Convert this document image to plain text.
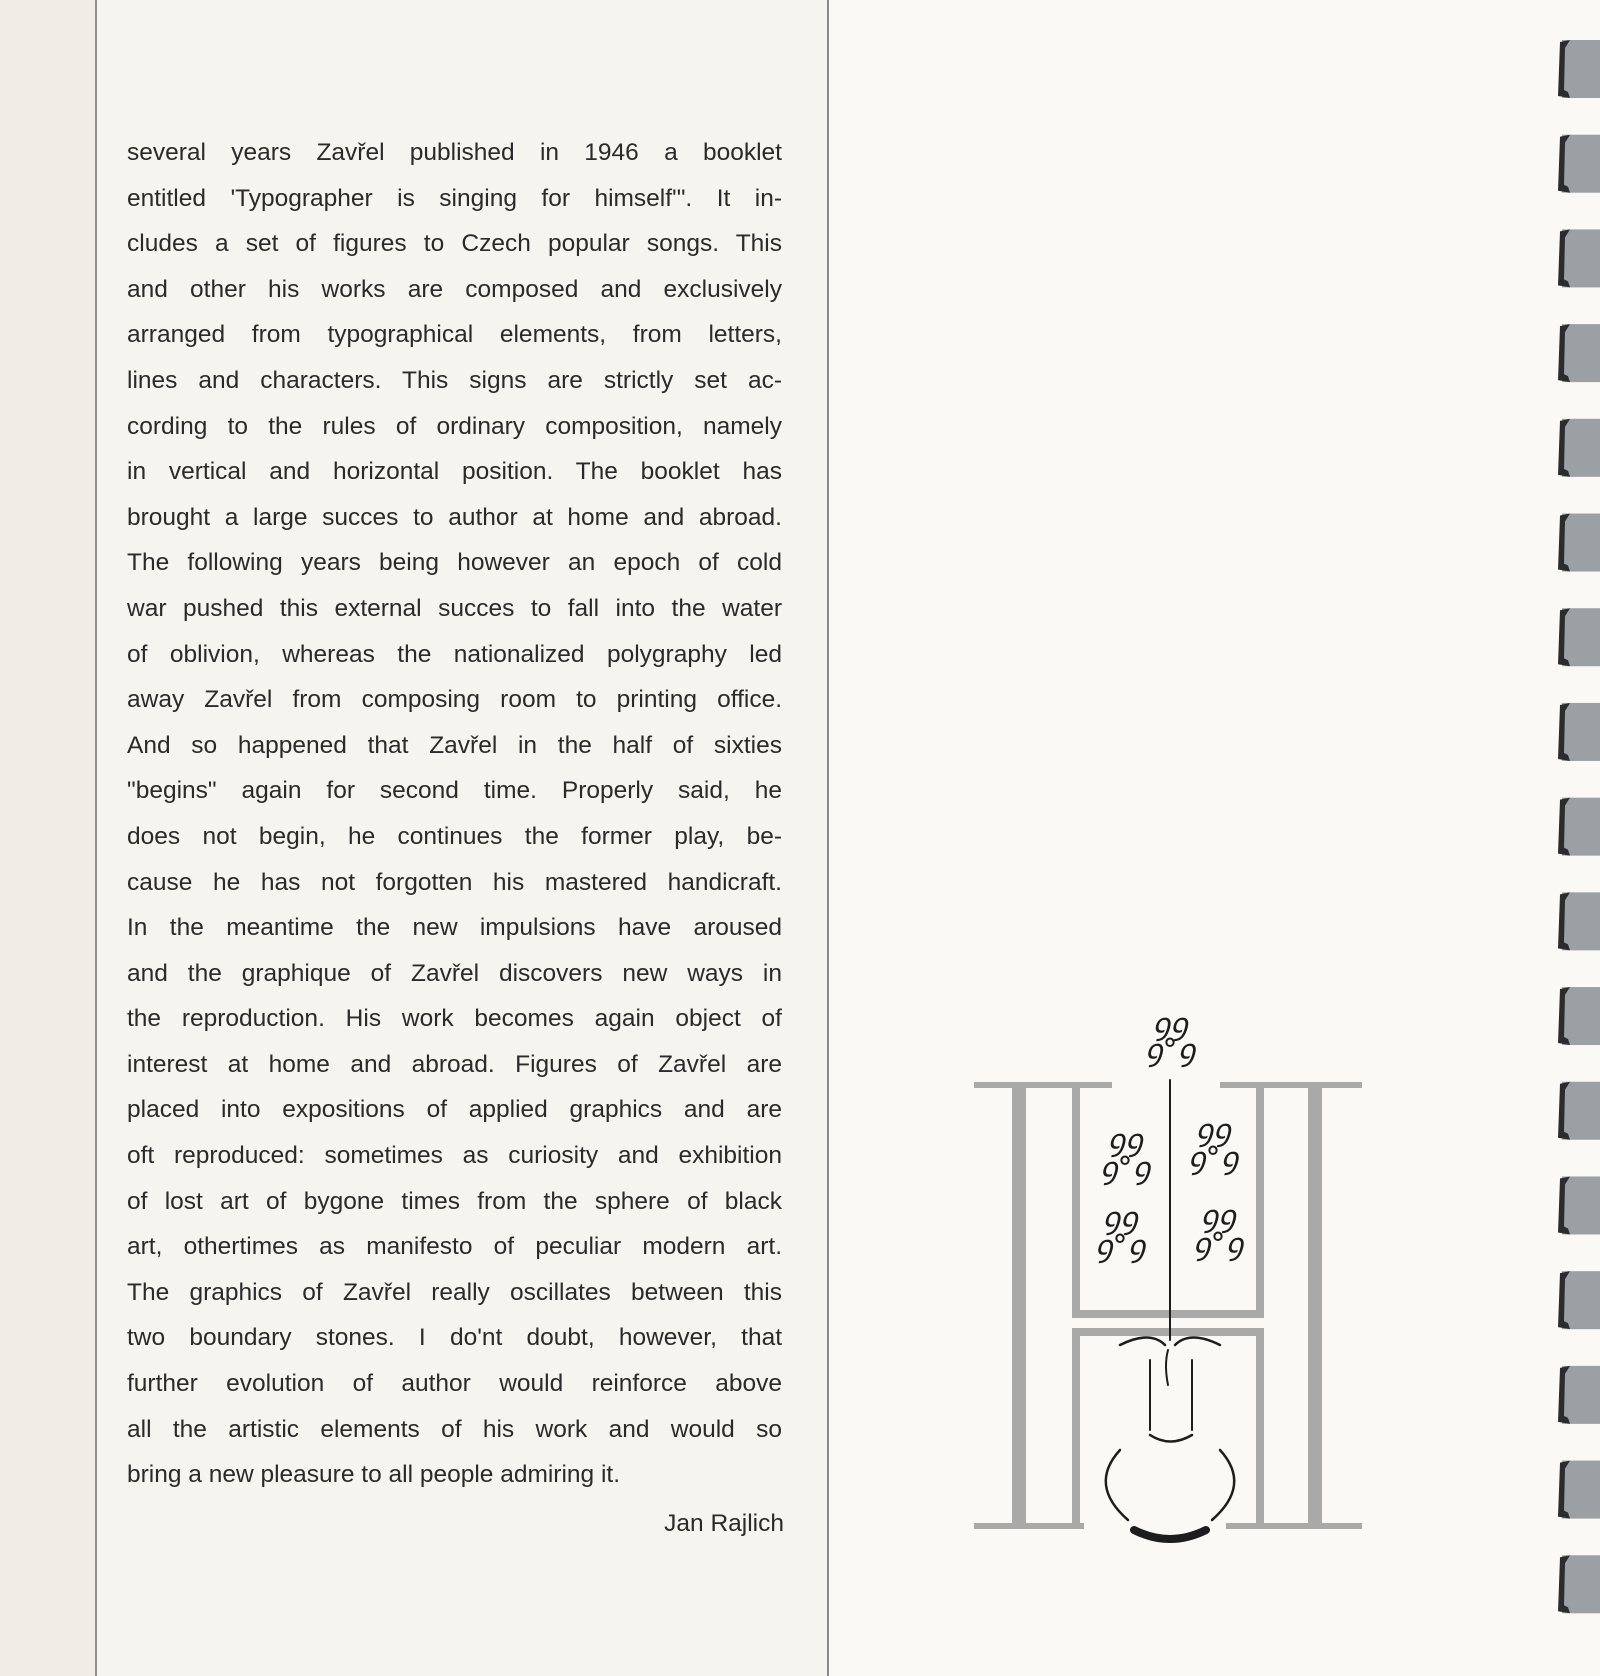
several years Zavřel published in 1946 a booklet
entitled 'Typographer is singing for himself'". It in-
cludes a set of figures to Czech popular songs. This
and other his works are composed and exclusively
arranged from typographical elements, from letters,
lines and characters. This signs are strictly set ac-
cording to the rules of ordinary composition, namely
in vertical and horizontal position. The booklet has
brought a large succes to author at home and abroad.
The following years being however an epoch of cold
war pushed this external succes to fall into the water
of oblivion, whereas the nationalized polygraphy led
away Zavřel from composing room to printing office.
And so happened that Zavřel in the half of sixties
"begins" again for second time. Properly said, he
does not begin, he continues the former play, be-
cause he has not forgotten his mastered handicraft.
In the meantime the new impulsions have aroused
and the graphique of Zavřel discovers new ways in
the reproduction. His work becomes again object of
interest at home and abroad. Figures of Zavřel are
placed into expositions of applied graphics and are
oft reproduced: sometimes as curiosity and exhibition
of lost art of bygone times from the sphere of black
art, othertimes as manifesto of peculiar modern art.
The graphics of Zavřel really oscillates between this
two boundary stones. I do'nt doubt, however, that
further evolution of author would reinforce above
all the artistic elements of his work and would so
bring a new pleasure to all people admiring it.
Jan Rajlich
ꝯꝯ
ꝯ°ꝯ
ꝯꝯ
ꝯ°ꝯ
ꝯꝯ
ꝯ°ꝯ
ꝯꝯ
ꝯ°ꝯ
ꝯꝯ
ꝯ°ꝯ
